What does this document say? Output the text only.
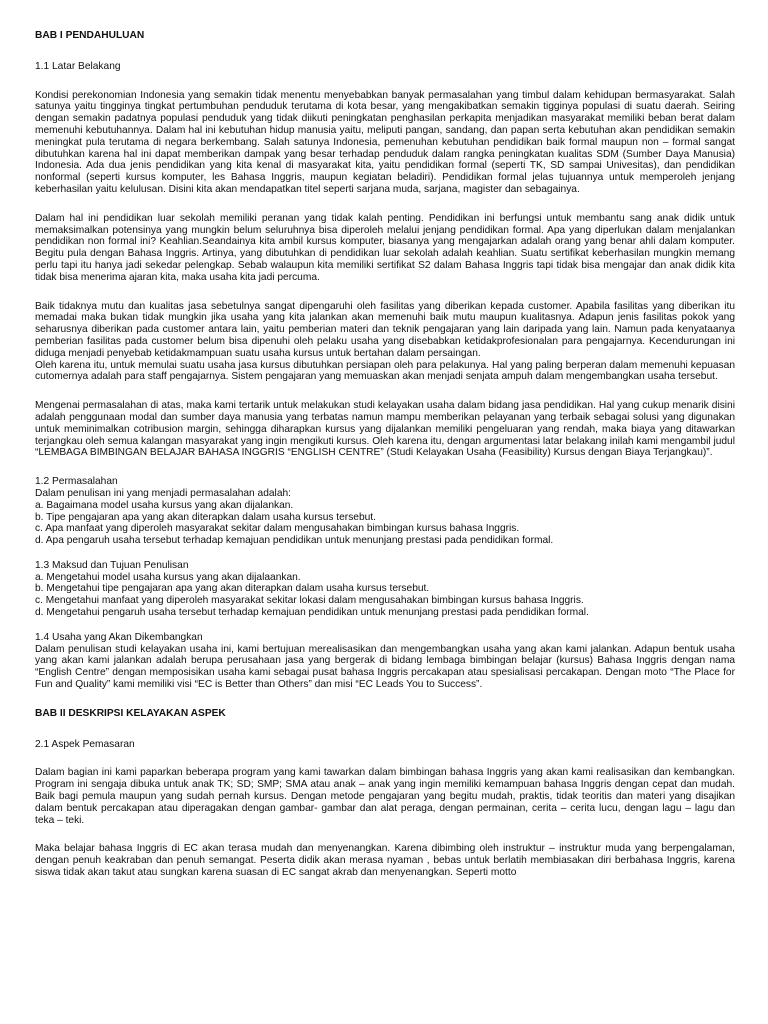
BAB I PENDAHULUAN

1.1 Latar Belakang

Kondisi perekonomian Indonesia yang semakin tidak menentu menyebabkan banyak permasalahan yang timbul dalam kehidupan bermasyarakat. Salah satunya yaitu tingginya tingkat pertumbuhan penduduk terutama di kota besar, yang mengakibatkan semakin tigginya populasi di suatu daerah. Seiring dengan semakin padatnya populasi penduduk yang tidak diikuti peningkatan penghasilan perkapita menjadikan masyarakat memiliki beban berat dalam memenuhi kebutuhannya. Dalam hal ini kebutuhan hidup manusia yaitu, meliputi pangan, sandang, dan papan serta kebutuhan akan pendidikan semakin meningkat pula terutama di negara berkembang. Salah satunya Indonesia, pemenuhan kebutuhan pendidikan baik formal maupun non – formal sangat dibutuhkan karena hal ini dapat memberikan dampak yang besar terhadap penduduk dalam rangka peningkatan kualitas SDM (Sumber Daya Manusia) Indonesia. Ada dua jenis pendidikan yang kita kenal di masyarakat kita, yaitu pendidikan formal (seperti TK, SD sampai Univesitas), dan pendidikan nonformal (seperti kursus komputer, les Bahasa Inggris, maupun kegiatan beladiri). Pendidikan formal jelas tujuannya untuk memperoleh jenjang keberhasilan yaitu kelulusan. Disini kita akan mendapatkan titel seperti sarjana muda, sarjana, magister dan sebagainya.

Dalam hal ini pendidikan luar sekolah memiliki peranan yang tidak kalah penting. Pendidikan ini berfungsi untuk membantu sang anak didik untuk memaksimalkan potensinya yang mungkin belum seluruhnya bisa diperoleh melalui jenjang pendidikan formal. Apa yang diperlukan dalam menjalankan pendidikan non formal ini? Keahlian.Seandainya kita ambil kursus komputer, biasanya yang mengajarkan adalah orang yang benar ahli dalam komputer. Begitu pula dengan Bahasa Inggris. Artinya, yang dibutuhkan di pendidikan luar sekolah adalah keahlian. Suatu sertifikat keberhasilan mungkin memang perlu tapi itu hanya jadi sekedar pelengkap. Sebab walaupun kita memiliki sertifikat S2 dalam Bahasa Inggris tapi tidak bisa mengajar dan anak didik kita tidak bisa menerima ajaran kita, maka usaha kita jadi percuma.

Baik tidaknya mutu dan kualitas jasa sebetulnya sangat dipengaruhi oleh fasilitas yang diberikan kepada customer. Apabila fasilitas yang diberikan itu memadai maka bukan tidak mungkin jika usaha yang kita jalankan akan memenuhi baik mutu maupun kualitasnya. Adapun jenis fasilitas pokok yang seharusnya diberikan pada customer antara lain, yaitu pemberian materi dan teknik pengajaran yang lain daripada yang lain. Namun pada kenyataanya pemberian fasilitas pada customer belum bisa dipenuhi oleh pelaku usaha yang disebabkan ketidakprofesionalan para pengajarnya. Kecendurungan ini diduga menjadi penyebab ketidakmampuan suatu usaha kursus untuk bertahan dalam persaingan.

Oleh karena itu, untuk memulai suatu usaha jasa kursus dibutuhkan persiapan oleh para pelakunya. Hal yang paling berperan dalam memenuhi kepuasan cutomernya adalah para staff pengajarnya. Sistem pengajaran yang memuaskan akan menjadi senjata ampuh dalam mengembangkan usaha tersebut.

Mengenai permasalahan di atas, maka kami tertarik untuk melakukan studi kelayakan usaha dalam bidang jasa pendidikan. Hal yang cukup menarik disini adalah penggunaan modal dan sumber daya manusia yang terbatas namun mampu memberikan pelayanan yang terbaik sebagai solusi yang digunakan untuk meminimalkan cotribusion margin, sehingga diharapkan kursus yang dijalankan memiliki pengeluaran yang rendah, maka biaya yang ditawarkan terjangkau oleh semua kalangan masyarakat yang ingin mengikuti kursus. Oleh karena itu, dengan argumentasi latar belakang inilah kami mengambil judul “LEMBAGA BIMBINGAN BELAJAR BAHASA INGGRIS “ENGLISH CENTRE” (Studi Kelayakan Usaha (Feasibility) Kursus dengan Biaya Terjangkau)”.

1.2 Permasalahan

Dalam penulisan ini yang menjadi permasalahan adalah:

a. Bagaimana model usaha kursus yang akan dijalankan.

b. Tipe pengajaran apa yang akan diterapkan dalam usaha kursus tersebut.

c. Apa manfaat yang diperoleh masyarakat sekitar dalam mengusahakan bimbingan kursus bahasa Inggris.

d. Apa pengaruh usaha tersebut terhadap kemajuan pendidikan untuk menunjang prestasi pada pendidikan formal.

1.3 Maksud dan Tujuan Penulisan

a. Mengetahui model usaha kursus yang akan dijalaankan.

b. Mengetahui tipe pengajaran apa yang akan diterapkan dalam usaha kursus tersebut.

c. Mengetahui manfaat yang diperoleh masyarakat sekitar lokasi dalam mengusahakan bimbingan kursus bahasa Inggris.

d. Mengetahui pengaruh usaha tersebut terhadap kemajuan pendidikan untuk menunjang prestasi pada pendidikan formal.

1.4 Usaha yang Akan Dikembangkan

Dalam penulisan studi kelayakan usaha ini, kami bertujuan merealisasikan dan mengembangkan usaha yang akan kami jalankan. Adapun bentuk usaha yang akan kami jalankan adalah berupa perusahaan jasa yang bergerak di bidang lembaga bimbingan belajar (kursus) Bahasa Inggris dengan nama “English Centre” dengan memposisikan usaha kami sebagai pusat bahasa Inggris percakapan atau spesialisasi percakapan. Dengan moto “The Place for Fun and Quality” kami memiliki visi “EC is Better than Others” dan misi “EC Leads You to Success”.

BAB II DESKRIPSI KELAYAKAN ASPEK

2.1 Aspek Pemasaran

Dalam bagian ini kami paparkan beberapa program yang kami tawarkan dalam bimbingan bahasa Inggris yang akan kami realisasikan dan kembangkan. Program ini sengaja dibuka untuk anak TK; SD; SMP; SMA atau anak – anak yang ingin memiliki kemampuan bahasa Inggris dengan cepat dan mudah. Baik bagi pemula maupun yang sudah pernah kursus. Dengan metode pengajaran yang begitu mudah, praktis, tidak teoritis dan materi yang disajikan dalam bentuk percakapan atau diperagakan dengan gambar- gambar dan alat peraga, dengan permainan, cerita – cerita lucu, dengan lagu – lagu dan teka – teki.

Maka belajar bahasa Inggris di EC akan terasa mudah dan menyenangkan. Karena dibimbing oleh instruktur – instruktur muda yang berpengalaman, dengan penuh keakraban dan penuh semangat. Peserta didik akan merasa nyaman , bebas untuk berlatih membiasakan diri berbahasa Inggris, karena siswa tidak akan takut atau sungkan karena suasan di EC sangat akrab dan menyenangkan. Seperti motto
